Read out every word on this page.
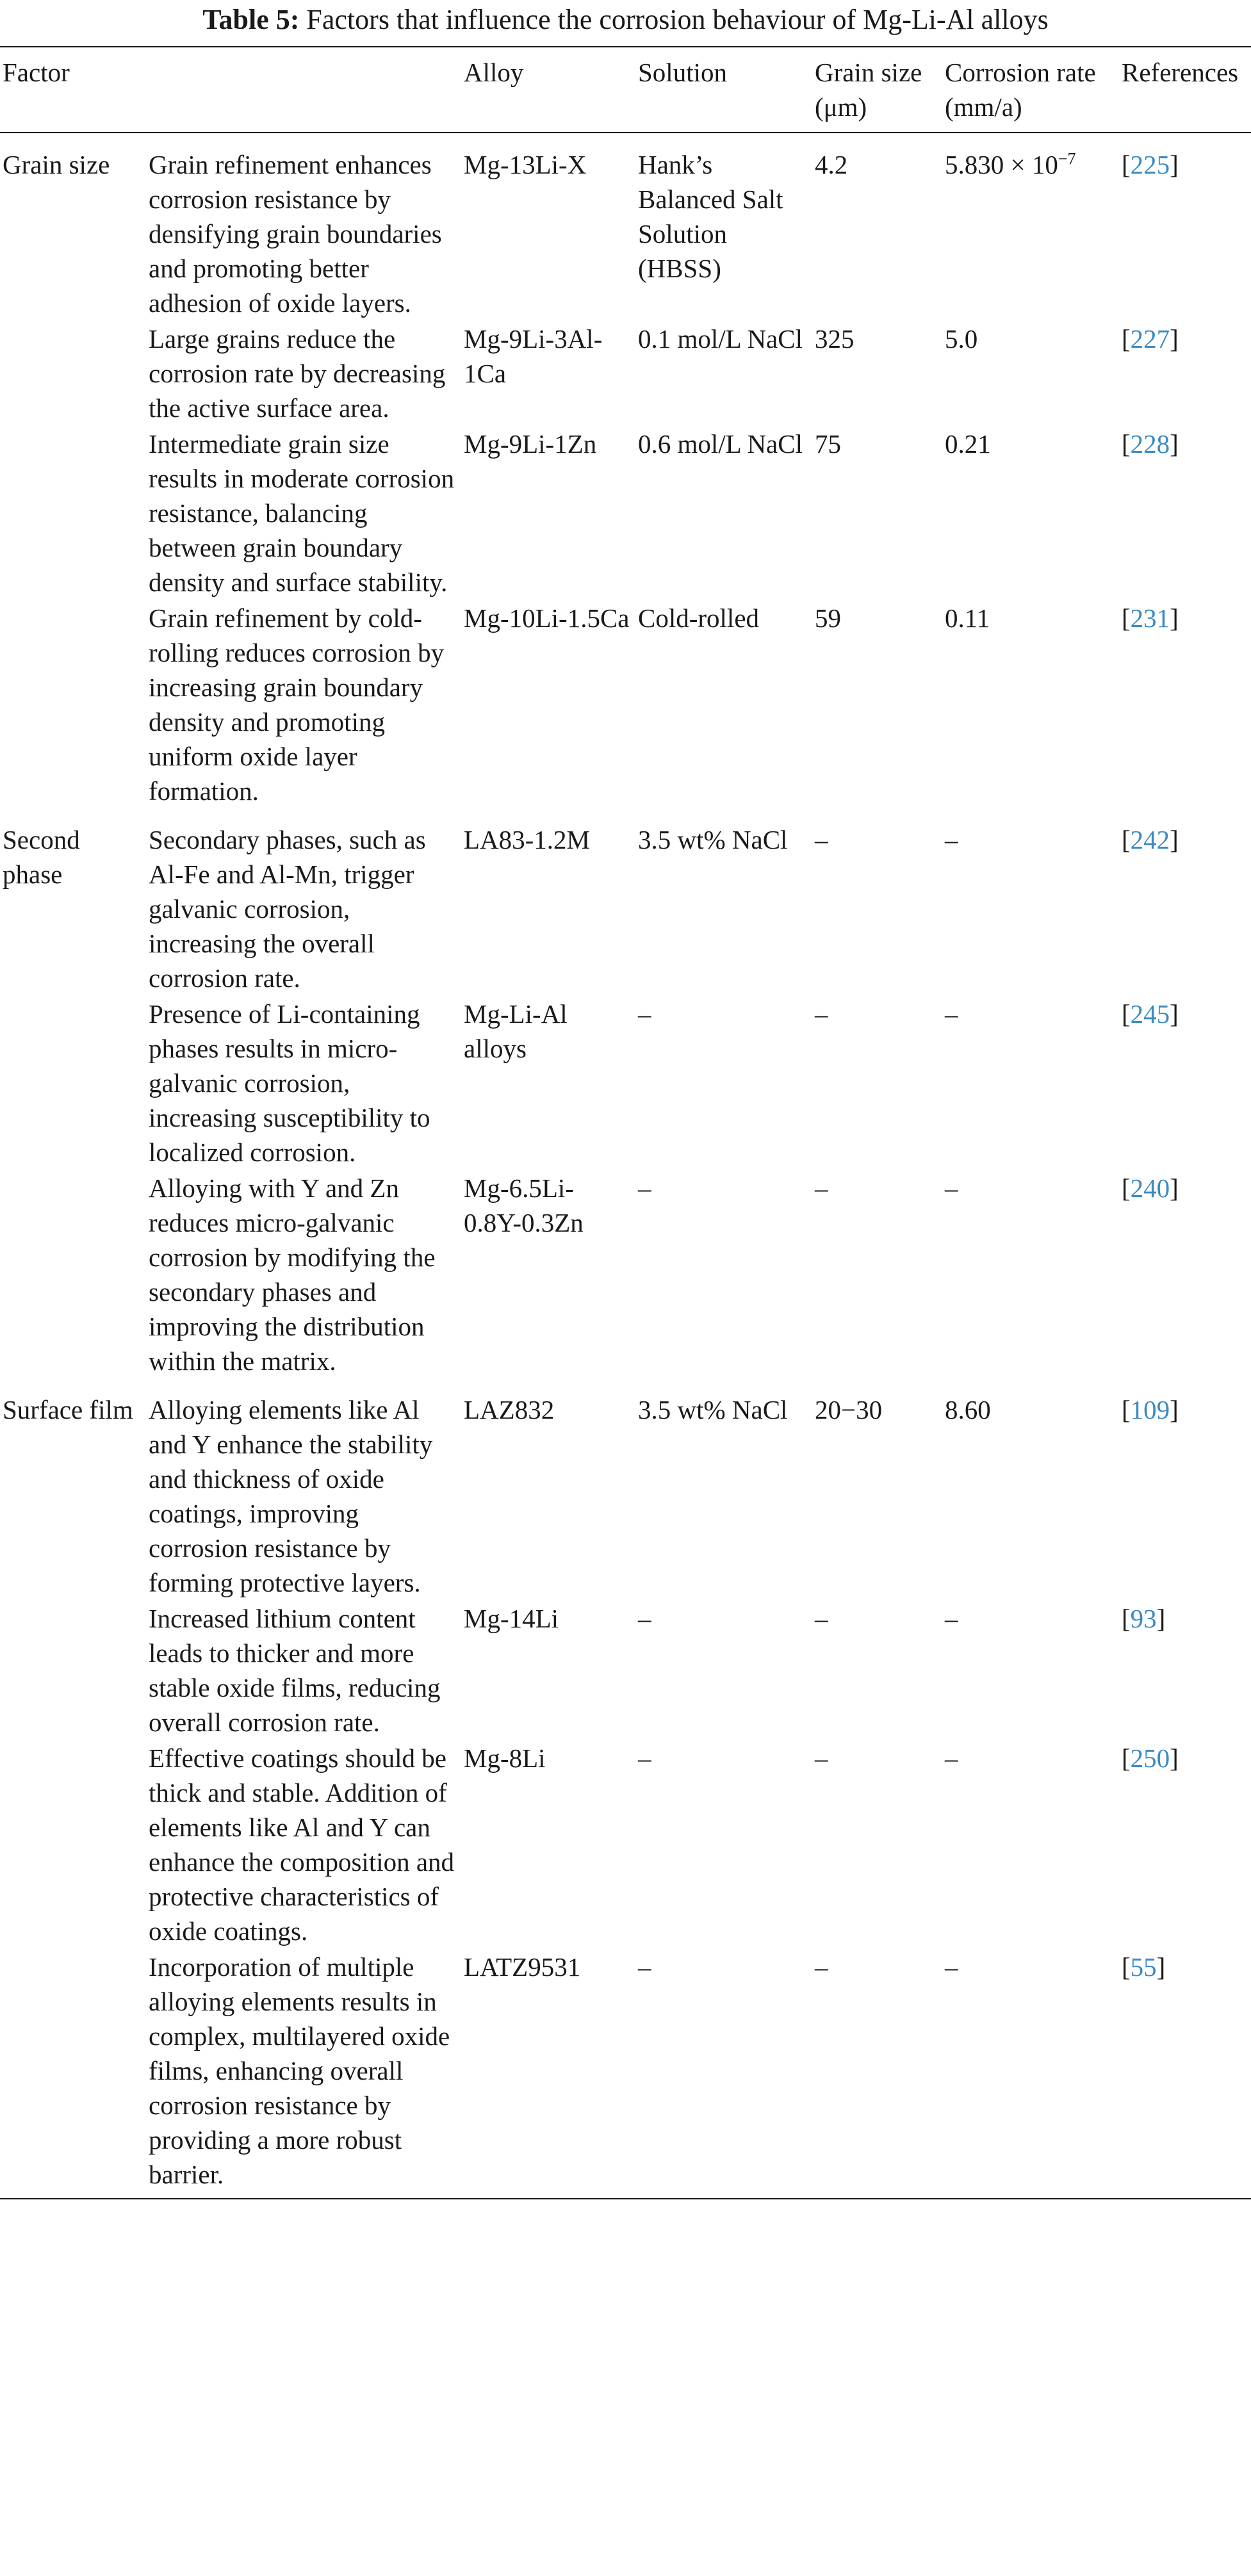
Table 5: Factors that influence the corrosion behaviour of Mg-Li-Al alloys
Factor		Alloy	Solution	Grain size (μm)	Corrosion rate (mm/a)	References
Grain size	Grain refinement enhances corrosion resistance by densifying grain boundaries and promoting better adhesion of oxide layers.	Mg-13Li-X	Hank’s Balanced Salt Solution (HBSS)	4.2	$5.830 \times 10^{-7}$	[225]
	Large grains reduce the corrosion rate by decreasing the active surface area.	Mg-9Li-3Al-1Ca	0.1 mol/L NaCl	325	5.0	[227]
	Intermediate grain size results in moderate corrosion resistance, balancing between grain boundary density and surface stability.	Mg-9Li-1Zn	0.6 mol/L NaCl	75	0.21	[228]
	Grain refinement by cold-rolling reduces corrosion by increasing grain boundary density and promoting uniform oxide layer formation.	Mg-10Li-1.5Ca	Cold-rolled	59	0.11	[231]
Second phase	Secondary phases, such as Al-Fe and Al-Mn, trigger galvanic corrosion, increasing the overall corrosion rate.	LA83-1.2M	3.5 wt% NaCl	–	–	[242]
	Presence of Li-containing phases results in micro-galvanic corrosion, increasing susceptibility to localized corrosion.	Mg-Li-Al alloys	–	–	–	[245]
	Alloying with Y and Zn reduces micro-galvanic corrosion by modifying the secondary phases and improving the distribution within the matrix.	Mg-6.5Li-0.8Y-0.3Zn	–	–	–	[240]
Surface film	Alloying elements like Al and Y enhance the stability and thickness of oxide coatings, improving corrosion resistance by forming protective layers.	LAZ832	3.5 wt% NaCl	20−30	8.60	[109]
	Increased lithium content leads to thicker and more stable oxide films, reducing overall corrosion rate.	Mg-14Li	–	–	–	[93]
	Effective coatings should be thick and stable. Addition of elements like Al and Y can enhance the composition and protective characteristics of oxide coatings.	Mg-8Li	–	–	–	[250]
	Incorporation of multiple alloying elements results in complex, multilayered oxide films, enhancing overall corrosion resistance by providing a more robust barrier.	LATZ9531	–	–	–	[55]
